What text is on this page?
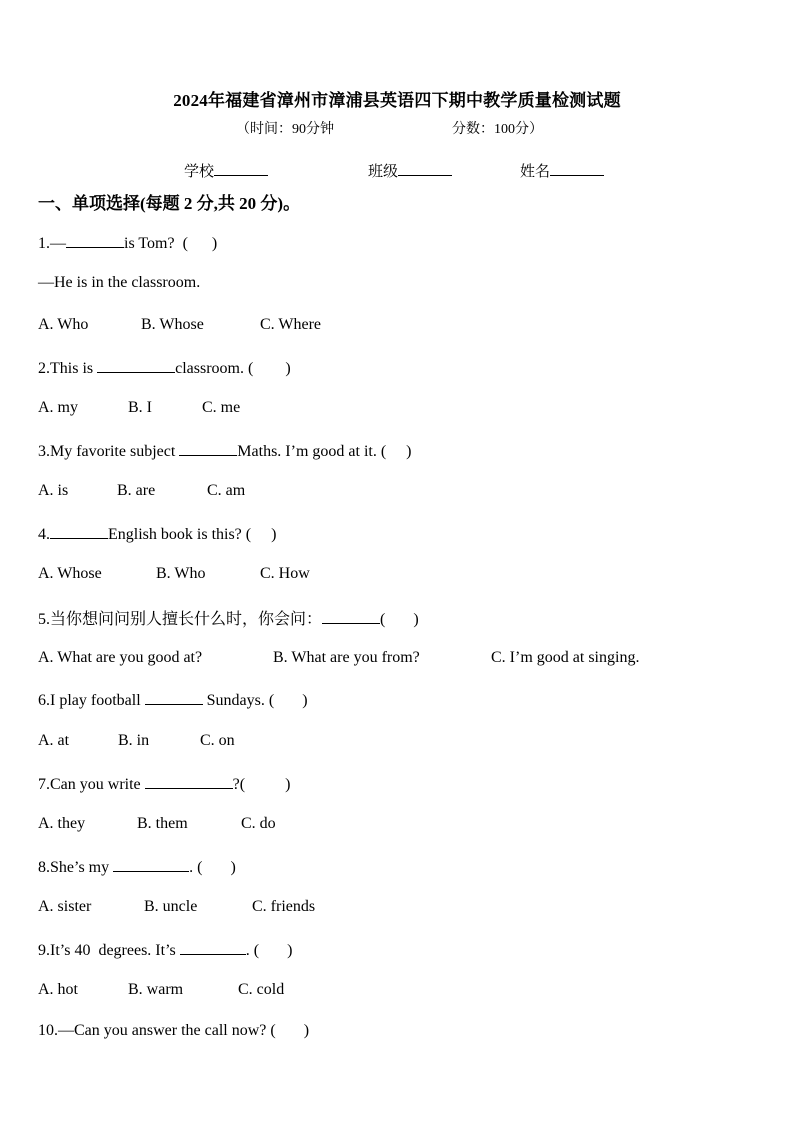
2024年福建省漳州市漳浦县英语四下期中教学质量检测试题
（时间：90分钟	分数：100分）
学校	班级	姓名
一、单项选择(每题 2 分,共 20 分)。
1.—	is Tom?  (      )
—He is in the classroom.
A. Who	B. Whose	C. Where
2.This is	classroom. (        )
A. my	B. I	C. me
3.My favorite subject	Maths. I’m good at it. (     )
A. is	B. are	C. am
4.	English book is this? (     )
A. Whose	B. Who	C. How
5.当你想问问别人擅长什么时，你会问：	(       )
A. What are you good at?	B. What are you from?	C. I’m good at singing.
6.I play football	Sundays. (       )
A. at	B. in	C. on
7.Can you write	?(          )
A. they	B. them	C. do
8.She’s my	. (       )
A. sister	B. uncle	C. friends
9.It’s 40  degrees. It’s	. (       )
A. hot	B. warm	C. cold
10.—Can you answer the call now? (       )
